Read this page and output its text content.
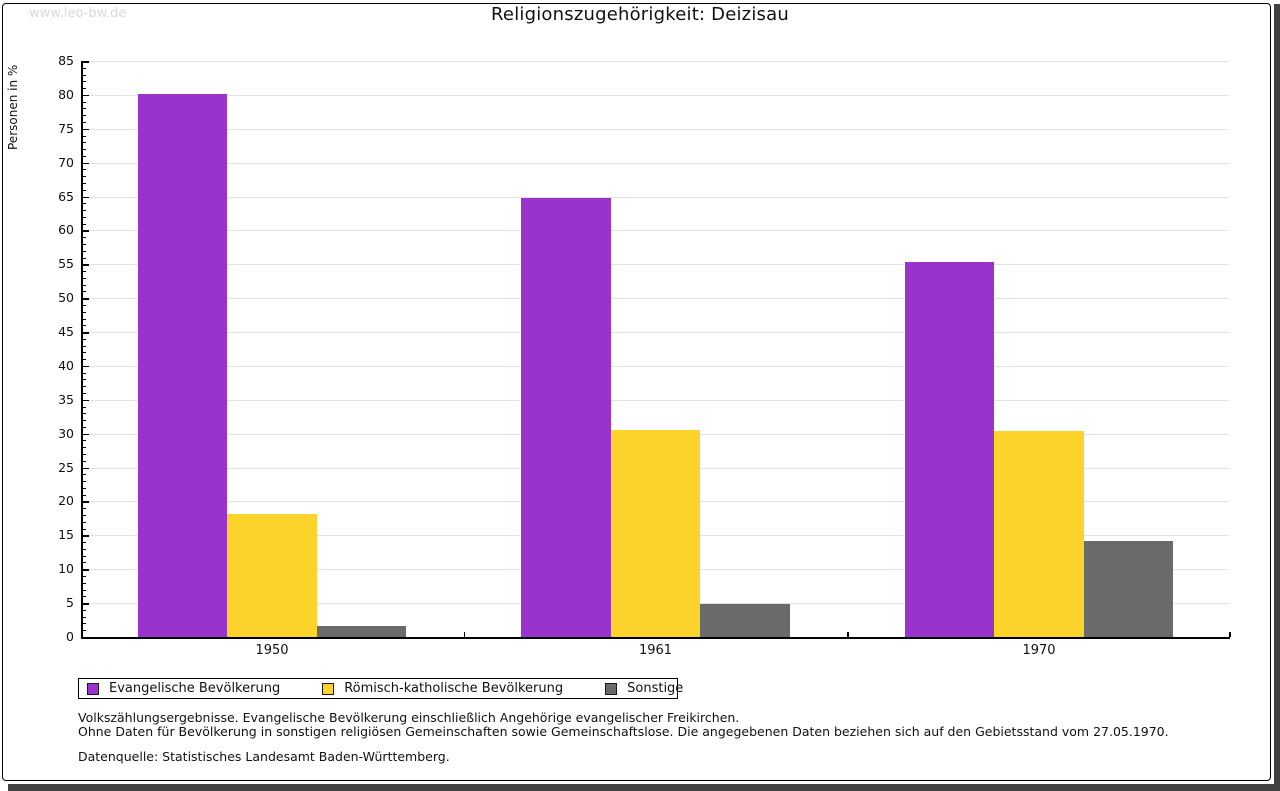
www.leo-bw.de	Religionszugehörigkeit: Deizisau
Personen in %
0
5
10
15
20
25
30
35
40
45
50
55
60
65
70
75
80
85
1950	1961	1970
Evangelische Bevölkerung	Römisch-katholische Bevölkerung	Sonstige
Volkszählungsergebnisse. Evangelische Bevölkerung einschließlich Angehörige evangelischer Freikirchen.
Ohne Daten für Bevölkerung in sonstigen religiösen Gemeinschaften sowie Gemeinschaftslose. Die angegebenen Daten beziehen sich auf den Gebietsstand vom 27.05.1970.
Datenquelle: Statistisches Landesamt Baden-Württemberg.
